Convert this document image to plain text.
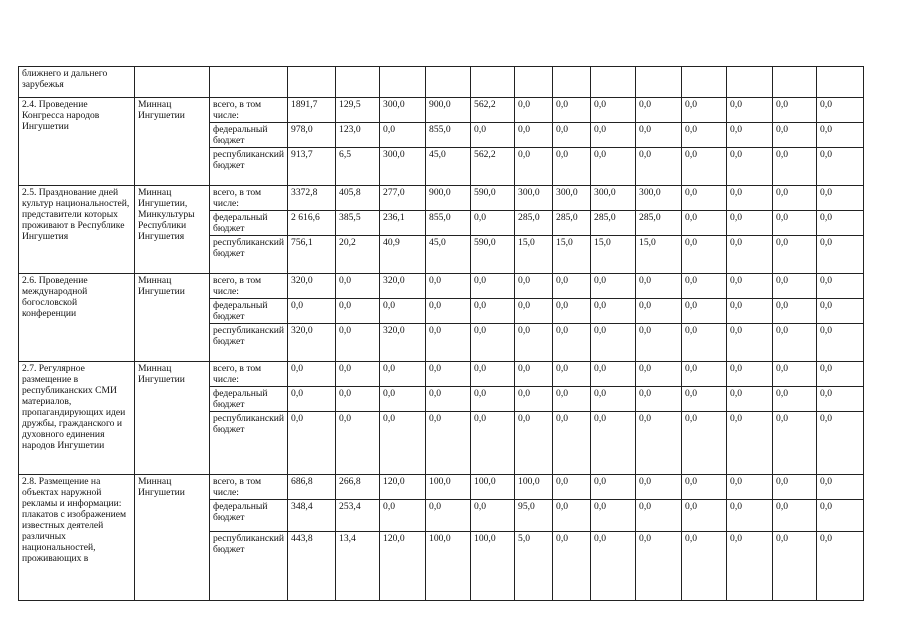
ближнего и дальнего зарубежья															
2.4. Проведение Конгресса народов Ингушетии	Миннац Ингушетии	всего, в том числе:	1891,7	129,5	300,0	900,0	562,2	0,0	0,0	0,0	0,0	0,0	0,0	0,0	0,0
		федеральный бюджет	978,0	123,0	0,0	855,0	0,0	0,0	0,0	0,0	0,0	0,0	0,0	0,0	0,0
		республиканский бюджет	913,7	6,5	300,0	45,0	562,2	0,0	0,0	0,0	0,0	0,0	0,0	0,0	0,0
2.5. Празднование дней культур национальностей, представители которых проживают в Республике Ингушетия	Миннац Ингушетии, Минкультуры Республики Ингушетия	всего, в том числе:	3372,8	405,8	277,0	900,0	590,0	300,0	300,0	300,0	300,0	0,0	0,0	0,0	0,0
		федеральный бюджет	2 616,6	385,5	236,1	855,0	0,0	285,0	285,0	285,0	285,0	0,0	0,0	0,0	0,0
		республиканский бюджет	756,1	20,2	40,9	45,0	590,0	15,0	15,0	15,0	15,0	0,0	0,0	0,0	0,0
2.6. Проведение международной богословской конференции	Миннац Ингушетии	всего, в том числе:	320,0	0,0	320,0	0,0	0,0	0,0	0,0	0,0	0,0	0,0	0,0	0,0	0,0
		федеральный бюджет	0,0	0,0	0,0	0,0	0,0	0,0	0,0	0,0	0,0	0,0	0,0	0,0	0,0
		республиканский бюджет	320,0	0,0	320,0	0,0	0,0	0,0	0,0	0,0	0,0	0,0	0,0	0,0	0,0
2.7. Регулярное размещение в республиканских СМИ материалов, пропагандирующих идеи дружбы, гражданского и духовного единения народов Ингушетии	Миннац Ингушетии	всего, в том числе:	0,0	0,0	0,0	0,0	0,0	0,0	0,0	0,0	0,0	0,0	0,0	0,0	0,0
		федеральный бюджет	0,0	0,0	0,0	0,0	0,0	0,0	0,0	0,0	0,0	0,0	0,0	0,0	0,0
		республиканский бюджет	0,0	0,0	0,0	0,0	0,0	0,0	0,0	0,0	0,0	0,0	0,0	0,0	0,0
2.8. Размещение на объектах наружной рекламы и информации: плакатов с изображением известных деятелей различных национальностей, проживающих в	Миннац Ингушетии	всего, в том числе:	686,8	266,8	120,0	100,0	100,0	100,0	0,0	0,0	0,0	0,0	0,0	0,0	0,0
		федеральный бюджет	348,4	253,4	0,0	0,0	0,0	95,0	0,0	0,0	0,0	0,0	0,0	0,0	0,0
		республиканский бюджет	443,8	13,4	120,0	100,0	100,0	5,0	0,0	0,0	0,0	0,0	0,0	0,0	0,0
